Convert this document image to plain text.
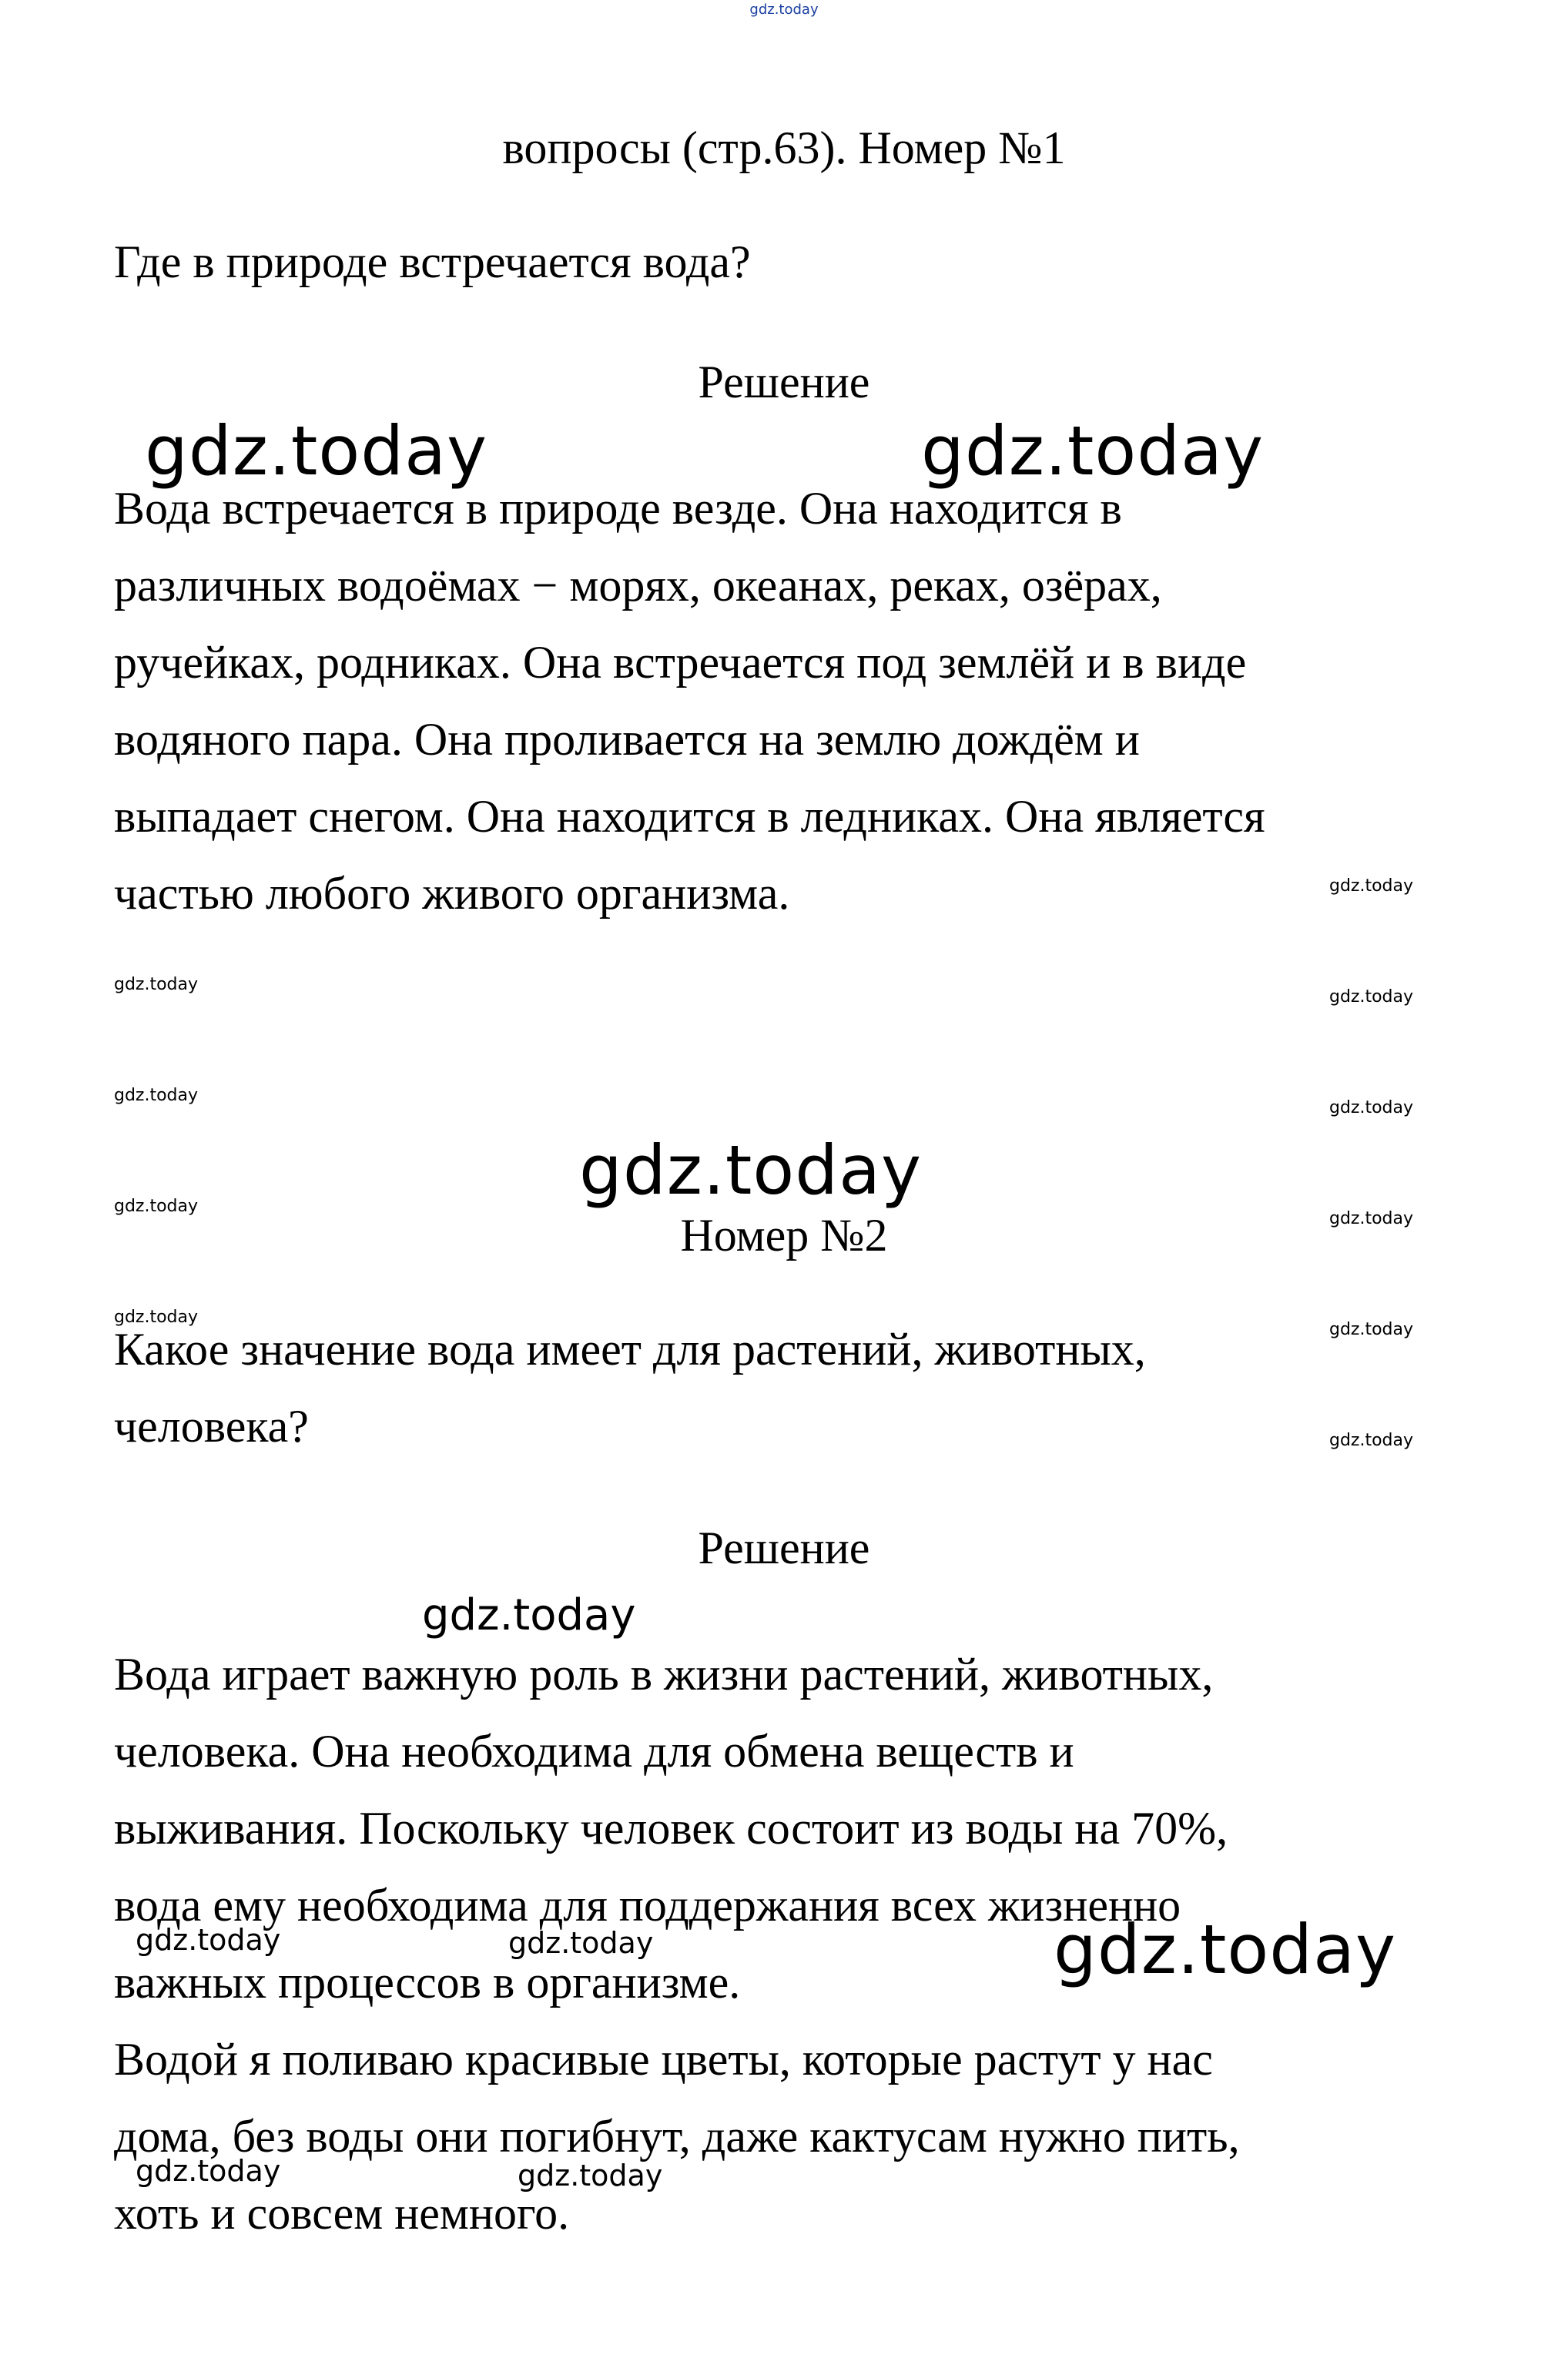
gdz.today
вопросы (стр.63). Номер №1
Где в природе встречается вода?
Решение
Вода встречается в природе везде. Она находится в
различных водоёмах − морях, океанах, реках, озёрах,
ручейках, родниках. Она встречается под землёй и в виде
водяного пара. Она проливается на землю дождём и
выпадает снегом. Она находится в ледниках. Она является
частью любого живого организма.
Номер №2
Какое значение вода имеет для растений, животных,
человека?
Решение
Вода играет важную роль в жизни растений, животных,
человека. Она необходима для обмена веществ и
выживания. Поскольку человек состоит из воды на 70%,
вода ему необходима для поддержания всех жизненно
важных процессов в организме.
Водой я поливаю красивые цветы, которые растут у нас
дома, без воды они погибнут, даже кактусам нужно пить,
хоть и совсем немного.
gdz.today	gdz.today
gdz.today
gdz.today
gdz.today
gdz.today
gdz.today
gdz.today
gdz.today
gdz.today
gdz.today
gdz.today
gdz.today
gdz.today
gdz.today	gdz.today	gdz.today
gdz.today	gdz.today
